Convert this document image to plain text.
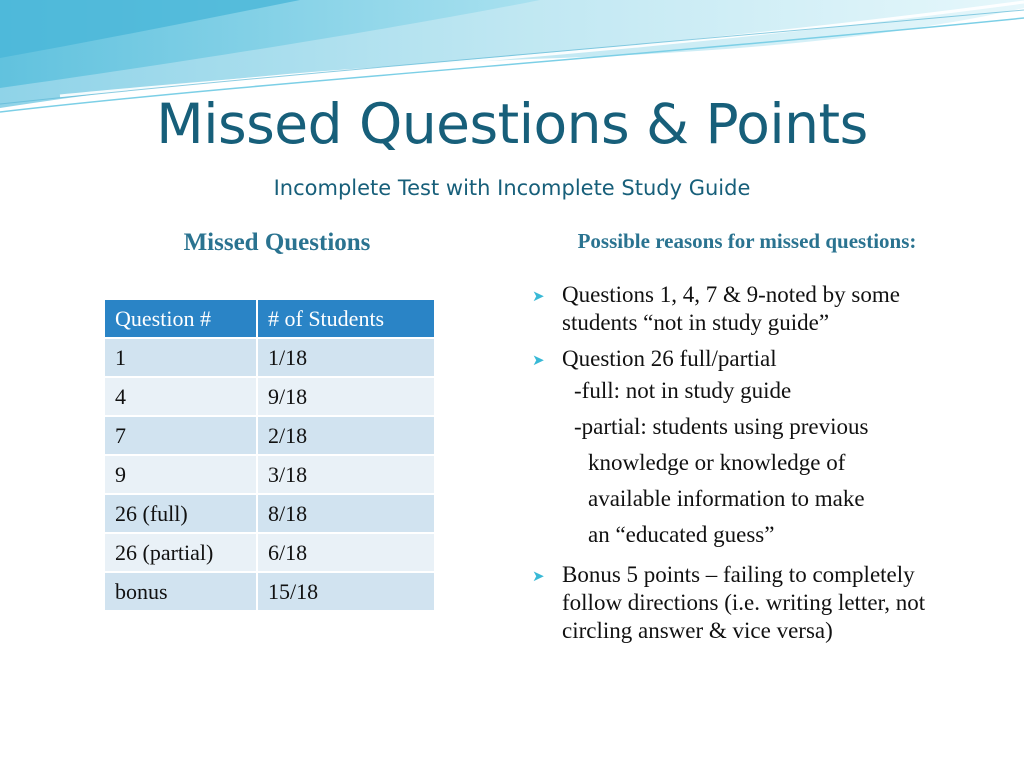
Missed Questions & Points
Incomplete Test with Incomplete Study Guide
Missed Questions	Possible reasons for missed questions:
Question #	# of Students
1	1/18
4	9/18
7	2/18
9	3/18
26 (full)	8/18
26 (partial)	6/18
bonus	15/18
➤ Questions 1, 4, 7 & 9-noted by some students “not in study guide”
➤ Question 26 full/partial
-full: not in study guide
-partial: students using previous
knowledge or knowledge of
available information to make
an “educated guess”
➤ Bonus 5 points – failing to completely follow directions (i.e. writing letter, not circling answer & vice versa)
